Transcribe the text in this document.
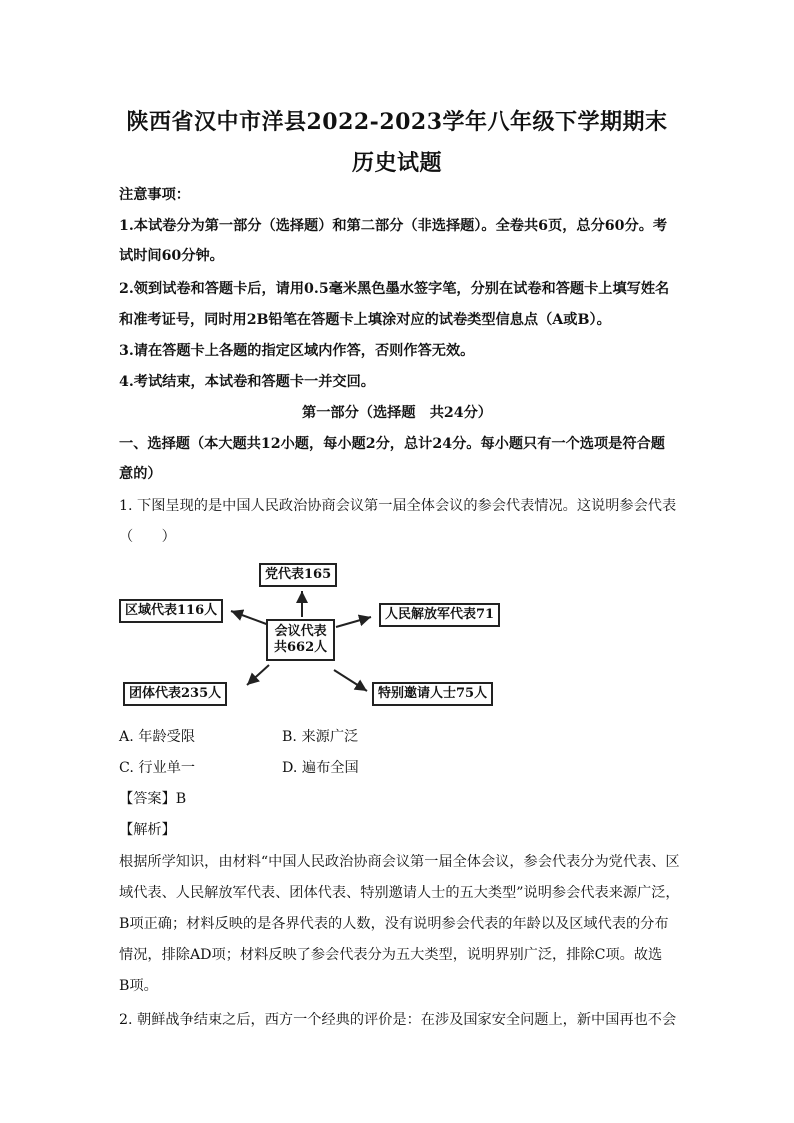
陕西省汉中市洋县2022-2023学年八年级下学期期末
历史试题
注意事项：
1.本试卷分为第一部分（选择题）和第二部分（非选择题）。全卷共6页，总分60分。考
试时间60分钟。
2.领到试卷和答题卡后，请用0.5毫米黑色墨水签字笔，分别在试卷和答题卡上填写姓名
和准考证号，同时用2B铅笔在答题卡上填涂对应的试卷类型信息点（A或B）。
3.请在答题卡上各题的指定区域内作答，否则作答无效。
4.考试结束，本试卷和答题卡一并交回。
第一部分（选择题　共24分）
一、选择题（本大题共12小题，每小题2分，总计24分。每小题只有一个选项是符合题
意的）
1. 下图呈现的是中国人民政治协商会议第一届全体会议的参会代表情况。这说明参会代表
（　　）
党代表165
区域代表116人	人民解放军代表71
会议代表
共662人
团体代表235人	特别邀请人士75人
A. 年龄受限	B. 来源广泛
C. 行业单一	D. 遍布全国
【答案】B
【解析】
根据所学知识，由材料“中国人民政治协商会议第一届全体会议，参会代表分为党代表、区
域代表、人民解放军代表、团体代表、特别邀请人士的五大类型”说明参会代表来源广泛，
B项正确；材料反映的是各界代表的人数，没有说明参会代表的年龄以及区域代表的分布
情况，排除AD项；材料反映了参会代表分为五大类型，说明界别广泛，排除C项。故选
B项。
2. 朝鲜战争结束之后，西方一个经典的评价是：在涉及国家安全问题上，新中国再也不会
